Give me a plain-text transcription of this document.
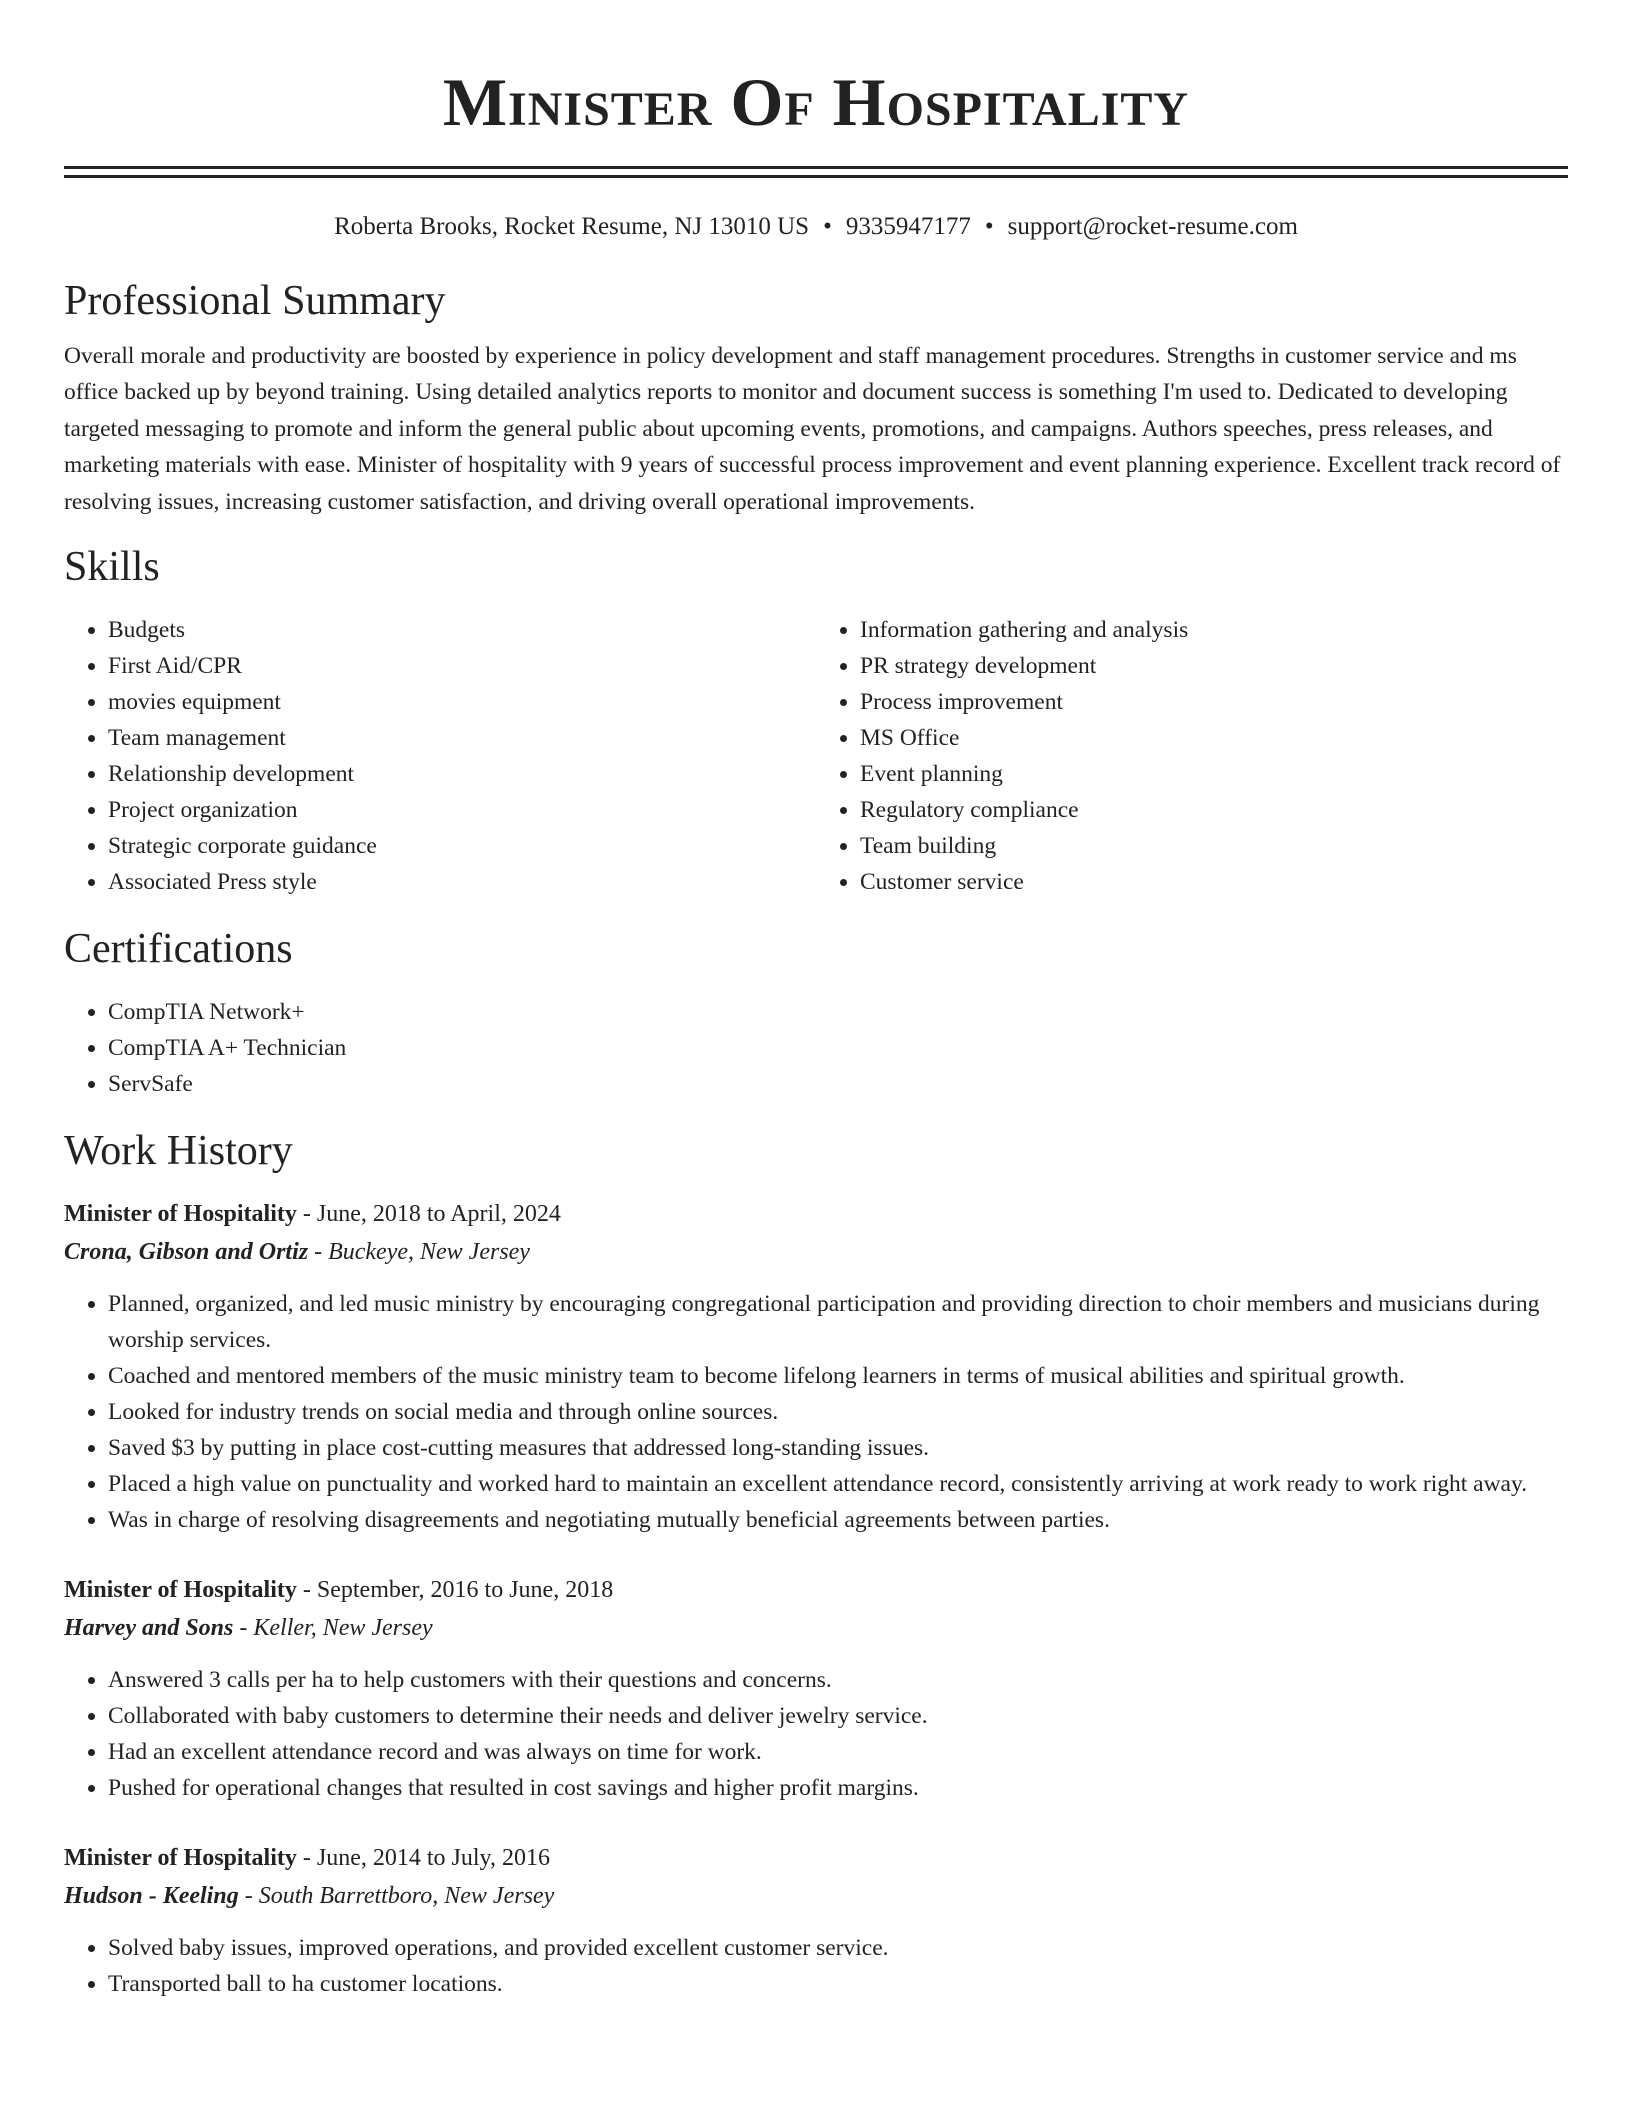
Minister Of Hospitality
Roberta Brooks, Rocket Resume, NJ 13010 US • 9335947177 • support@rocket-resume.com
Professional Summary

Overall morale and productivity are boosted by experience in policy development and staff management procedures. Strengths in customer service and ms office backed up by beyond training. Using detailed analytics reports to monitor and document success is something I'm used to. Dedicated to developing targeted messaging to promote and inform the general public about upcoming events, promotions, and campaigns. Authors speeches, press releases, and marketing materials with ease. Minister of hospitality with 9 years of successful process improvement and event planning experience. Excellent track record of resolving issues, increasing customer satisfaction, and driving overall operational improvements.

Skills
• Budgets
• First Aid/CPR
• movies equipment
• Team management
• Relationship development
• Project organization
• Strategic corporate guidance
• Associated Press style
• Information gathering and analysis
• PR strategy development
• Process improvement
• MS Office
• Event planning
• Regulatory compliance
• Team building
• Customer service
Certifications
• CompTIA Network+
• CompTIA A+ Technician
• ServSafe
Work History
Minister of Hospitality - June, 2018 to April, 2024
Crona, Gibson and Ortiz - Buckeye, New Jersey
• Planned, organized, and led music ministry by encouraging congregational participation and providing direction to choir members and musicians during worship services.
• Coached and mentored members of the music ministry team to become lifelong learners in terms of musical abilities and spiritual growth.
• Looked for industry trends on social media and through online sources.
• Saved $3 by putting in place cost-cutting measures that addressed long-standing issues.
• Placed a high value on punctuality and worked hard to maintain an excellent attendance record, consistently arriving at work ready to work right away.
• Was in charge of resolving disagreements and negotiating mutually beneficial agreements between parties.
Minister of Hospitality - September, 2016 to June, 2018
Harvey and Sons - Keller, New Jersey
• Answered 3 calls per ha to help customers with their questions and concerns.
• Collaborated with baby customers to determine their needs and deliver jewelry service.
• Had an excellent attendance record and was always on time for work.
• Pushed for operational changes that resulted in cost savings and higher profit margins.
Minister of Hospitality - June, 2014 to July, 2016
Hudson - Keeling - South Barrettboro, New Jersey
• Solved baby issues, improved operations, and provided excellent customer service.
• Transported ball to ha customer locations.
